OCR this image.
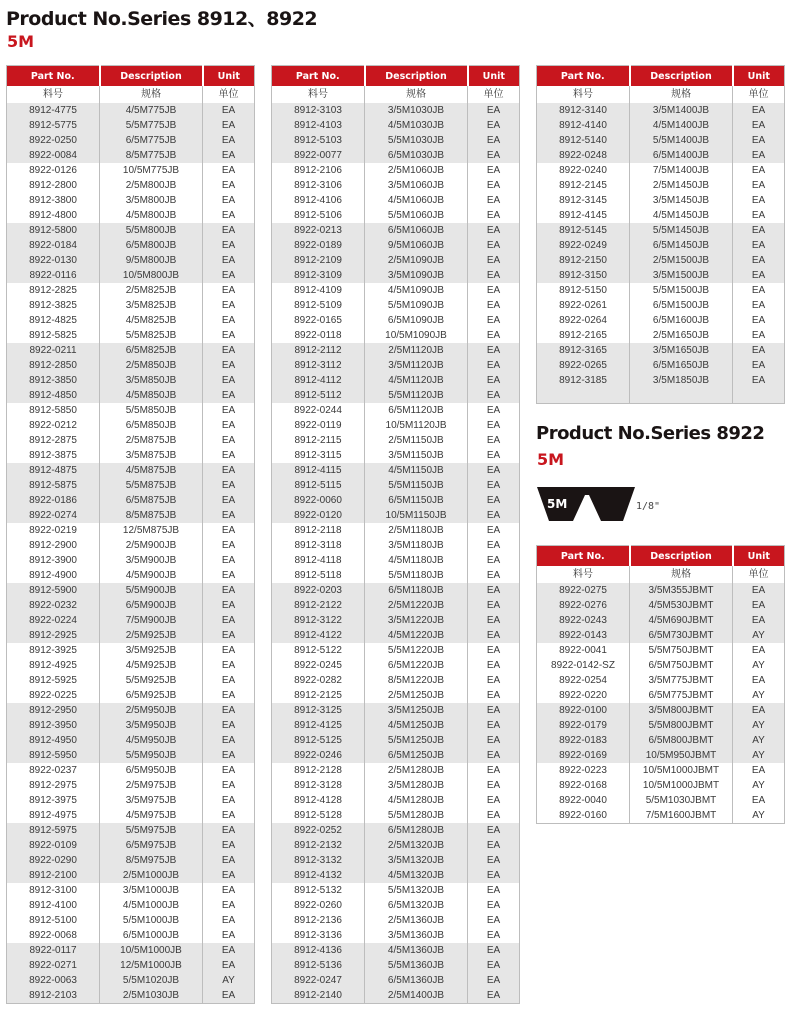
Product No.Series 8912、8922
5M
Part No.	Description	Unit
料号	规格	单位
8912-4775	4/5M775JB	EA
8912-5775	5/5M775JB	EA
8922-0250	6/5M775JB	EA
8922-0084	8/5M775JB	EA
8922-0126	10/5M775JB	EA
8912-2800	2/5M800JB	EA
8912-3800	3/5M800JB	EA
8912-4800	4/5M800JB	EA
8912-5800	5/5M800JB	EA
8922-0184	6/5M800JB	EA
8922-0130	9/5M800JB	EA
8922-0116	10/5M800JB	EA
8912-2825	2/5M825JB	EA
8912-3825	3/5M825JB	EA
8912-4825	4/5M825JB	EA
8912-5825	5/5M825JB	EA
8922-0211	6/5M825JB	EA
8912-2850	2/5M850JB	EA
8912-3850	3/5M850JB	EA
8912-4850	4/5M850JB	EA
8912-5850	5/5M850JB	EA
8922-0212	6/5M850JB	EA
8912-2875	2/5M875JB	EA
8912-3875	3/5M875JB	EA
8912-4875	4/5M875JB	EA
8912-5875	5/5M875JB	EA
8922-0186	6/5M875JB	EA
8922-0274	8/5M875JB	EA
8922-0219	12/5M875JB	EA
8912-2900	2/5M900JB	EA
8912-3900	3/5M900JB	EA
8912-4900	4/5M900JB	EA
8912-5900	5/5M900JB	EA
8922-0232	6/5M900JB	EA
8922-0224	7/5M900JB	EA
8912-2925	2/5M925JB	EA
8912-3925	3/5M925JB	EA
8912-4925	4/5M925JB	EA
8912-5925	5/5M925JB	EA
8922-0225	6/5M925JB	EA
8912-2950	2/5M950JB	EA
8912-3950	3/5M950JB	EA
8912-4950	4/5M950JB	EA
8912-5950	5/5M950JB	EA
8922-0237	6/5M950JB	EA
8912-2975	2/5M975JB	EA
8912-3975	3/5M975JB	EA
8912-4975	4/5M975JB	EA
8912-5975	5/5M975JB	EA
8922-0109	6/5M975JB	EA
8922-0290	8/5M975JB	EA
8912-2100	2/5M1000JB	EA
8912-3100	3/5M1000JB	EA
8912-4100	4/5M1000JB	EA
8912-5100	5/5M1000JB	EA
8922-0068	6/5M1000JB	EA
8922-0117	10/5M1000JB	EA
8922-0271	12/5M1000JB	EA
8922-0063	5/5M1020JB	AY
8912-2103	2/5M1030JB	EA
Part No.	Description	Unit
料号	规格	单位
8912-3103	3/5M1030JB	EA
8912-4103	4/5M1030JB	EA
8912-5103	5/5M1030JB	EA
8922-0077	6/5M1030JB	EA
8912-2106	2/5M1060JB	EA
8912-3106	3/5M1060JB	EA
8912-4106	4/5M1060JB	EA
8912-5106	5/5M1060JB	EA
8922-0213	6/5M1060JB	EA
8922-0189	9/5M1060JB	EA
8912-2109	2/5M1090JB	EA
8912-3109	3/5M1090JB	EA
8912-4109	4/5M1090JB	EA
8912-5109	5/5M1090JB	EA
8922-0165	6/5M1090JB	EA
8922-0118	10/5M1090JB	EA
8912-2112	2/5M1120JB	EA
8912-3112	3/5M1120JB	EA
8912-4112	4/5M1120JB	EA
8912-5112	5/5M1120JB	EA
8922-0244	6/5M1120JB	EA
8922-0119	10/5M1120JB	EA
8912-2115	2/5M1150JB	EA
8912-3115	3/5M1150JB	EA
8912-4115	4/5M1150JB	EA
8912-5115	5/5M1150JB	EA
8922-0060	6/5M1150JB	EA
8922-0120	10/5M1150JB	EA
8912-2118	2/5M1180JB	EA
8912-3118	3/5M1180JB	EA
8912-4118	4/5M1180JB	EA
8912-5118	5/5M1180JB	EA
8922-0203	6/5M1180JB	EA
8912-2122	2/5M1220JB	EA
8912-3122	3/5M1220JB	EA
8912-4122	4/5M1220JB	EA
8912-5122	5/5M1220JB	EA
8922-0245	6/5M1220JB	EA
8922-0282	8/5M1220JB	EA
8912-2125	2/5M1250JB	EA
8912-3125	3/5M1250JB	EA
8912-4125	4/5M1250JB	EA
8912-5125	5/5M1250JB	EA
8922-0246	6/5M1250JB	EA
8912-2128	2/5M1280JB	EA
8912-3128	3/5M1280JB	EA
8912-4128	4/5M1280JB	EA
8912-5128	5/5M1280JB	EA
8922-0252	6/5M1280JB	EA
8912-2132	2/5M1320JB	EA
8912-3132	3/5M1320JB	EA
8912-4132	4/5M1320JB	EA
8912-5132	5/5M1320JB	EA
8922-0260	6/5M1320JB	EA
8912-2136	2/5M1360JB	EA
8912-3136	3/5M1360JB	EA
8912-4136	4/5M1360JB	EA
8912-5136	5/5M1360JB	EA
8922-0247	6/5M1360JB	EA
8912-2140	2/5M1400JB	EA
Part No.	Description	Unit
料号	规格	单位
8912-3140	3/5M1400JB	EA
8912-4140	4/5M1400JB	EA
8912-5140	5/5M1400JB	EA
8922-0248	6/5M1400JB	EA
8922-0240	7/5M1400JB	EA
8912-2145	2/5M1450JB	EA
8912-3145	3/5M1450JB	EA
8912-4145	4/5M1450JB	EA
8912-5145	5/5M1450JB	EA
8922-0249	6/5M1450JB	EA
8912-2150	2/5M1500JB	EA
8912-3150	3/5M1500JB	EA
8912-5150	5/5M1500JB	EA
8922-0261	6/5M1500JB	EA
8922-0264	6/5M1600JB	EA
8912-2165	2/5M1650JB	EA
8912-3165	3/5M1650JB	EA
8922-0265	6/5M1650JB	EA
8912-3185	3/5M1850JB	EA

Product No.Series 8922
5M
5M	1/8"
Part No.	Description	Unit
料号	规格	单位
8922-0275	3/5M355JBMT	EA
8922-0276	4/5M530JBMT	EA
8922-0243	4/5M690JBMT	EA
8922-0143	6/5M730JBMT	AY
8922-0041	5/5M750JBMT	EA
8922-0142-SZ	6/5M750JBMT	AY
8922-0254	3/5M775JBMT	EA
8922-0220	6/5M775JBMT	AY
8922-0100	3/5M800JBMT	EA
8922-0179	5/5M800JBMT	AY
8922-0183	6/5M800JBMT	AY
8922-0169	10/5M950JBMT	AY
8922-0223	10/5M1000JBMT	EA
8922-0168	10/5M1000JBMT	AY
8922-0040	5/5M1030JBMT	EA
8922-0160	7/5M1600JBMT	AY
